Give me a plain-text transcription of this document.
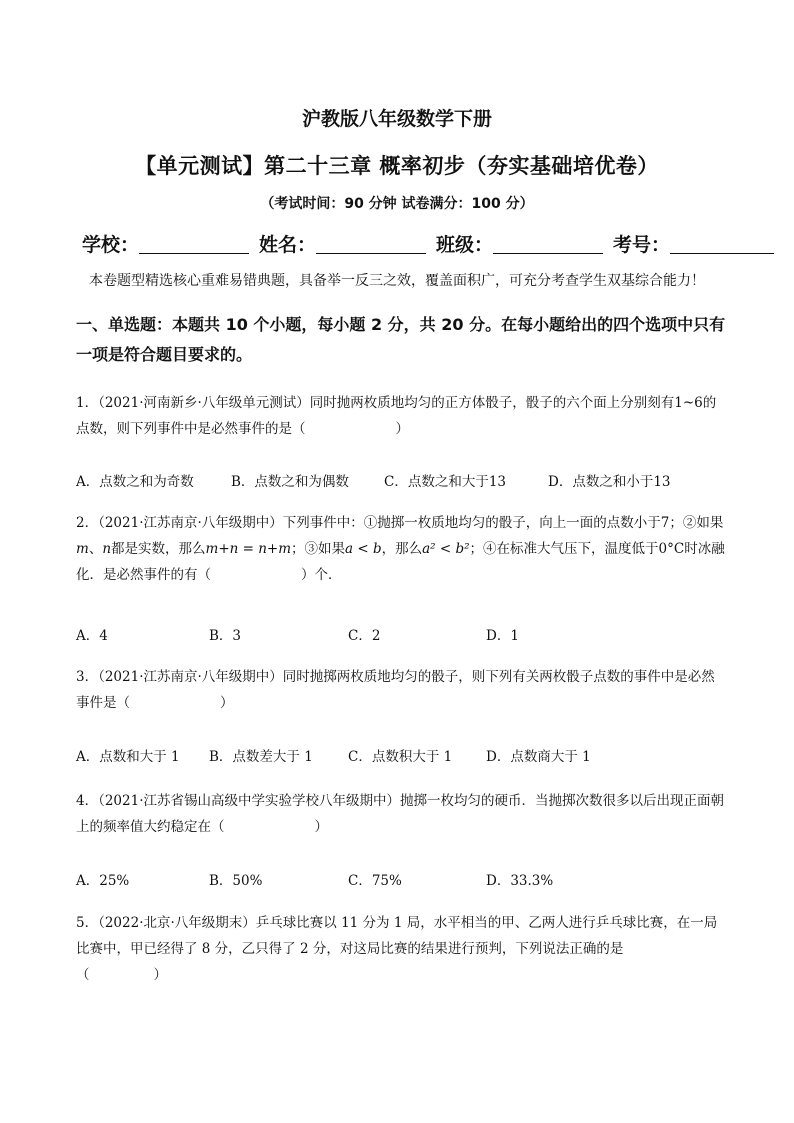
沪教版八年级数学下册
【单元测试】第二十三章 概率初步（夯实基础培优卷）
（考试时间：90 分钟 试卷满分：100 分）
学校：	姓名：	班级：	考号：
本卷题型精选核心重难易错典题，具备举一反三之效，覆盖面积广，可充分考查学生双基综合能力！
一、单选题：本题共 10 个小题，每小题 2 分，共 20 分。在每小题给出的四个选项中只有一项是符合题目要求的。
1．（2021·河南新乡·八年级单元测试）同时抛两枚质地均匀的正方体骰子，骰子的六个面上分别刻有1~6的点数，则下列事件中是必然事件的是（	）
A．点数之和为奇数	B．点数之和为偶数	C．点数之和大于13	D．点数之和小于13
2．（2021·江苏南京·八年级期中）下列事件中：①抛掷一枚质地均匀的骰子，向上一面的点数小于7；②如果m、n都是实数，那么m+n = n+m；③如果a < b，那么a² < b²；④在标准大气压下，温度低于0°C时冰融化．是必然事件的有（	）个．
A．4	B．3	C．2	D．1
3．（2021·江苏南京·八年级期中）同时抛掷两枚质地均匀的骰子，则下列有关两枚骰子点数的事件中是必然事件是（	）
A．点数和大于 1 B．点数差大于 1	C．点数积大于 1	D．点数商大于 1
4．（2021·江苏省锡山高级中学实验学校八年级期中）抛掷一枚均匀的硬币．当抛掷次数很多以后出现正面朝上的频率值大约稳定在（	）
A．25%	B．50%	C．75%	D．33.3%
5．（2022·北京·八年级期末）乒乓球比赛以 11 分为 1 局，水平相当的甲、乙两人进行乒乓球比赛，在一局比赛中，甲已经得了 8 分，乙只得了 2 分，对这局比赛的结果进行预判，下列说法正确的是
（	）
